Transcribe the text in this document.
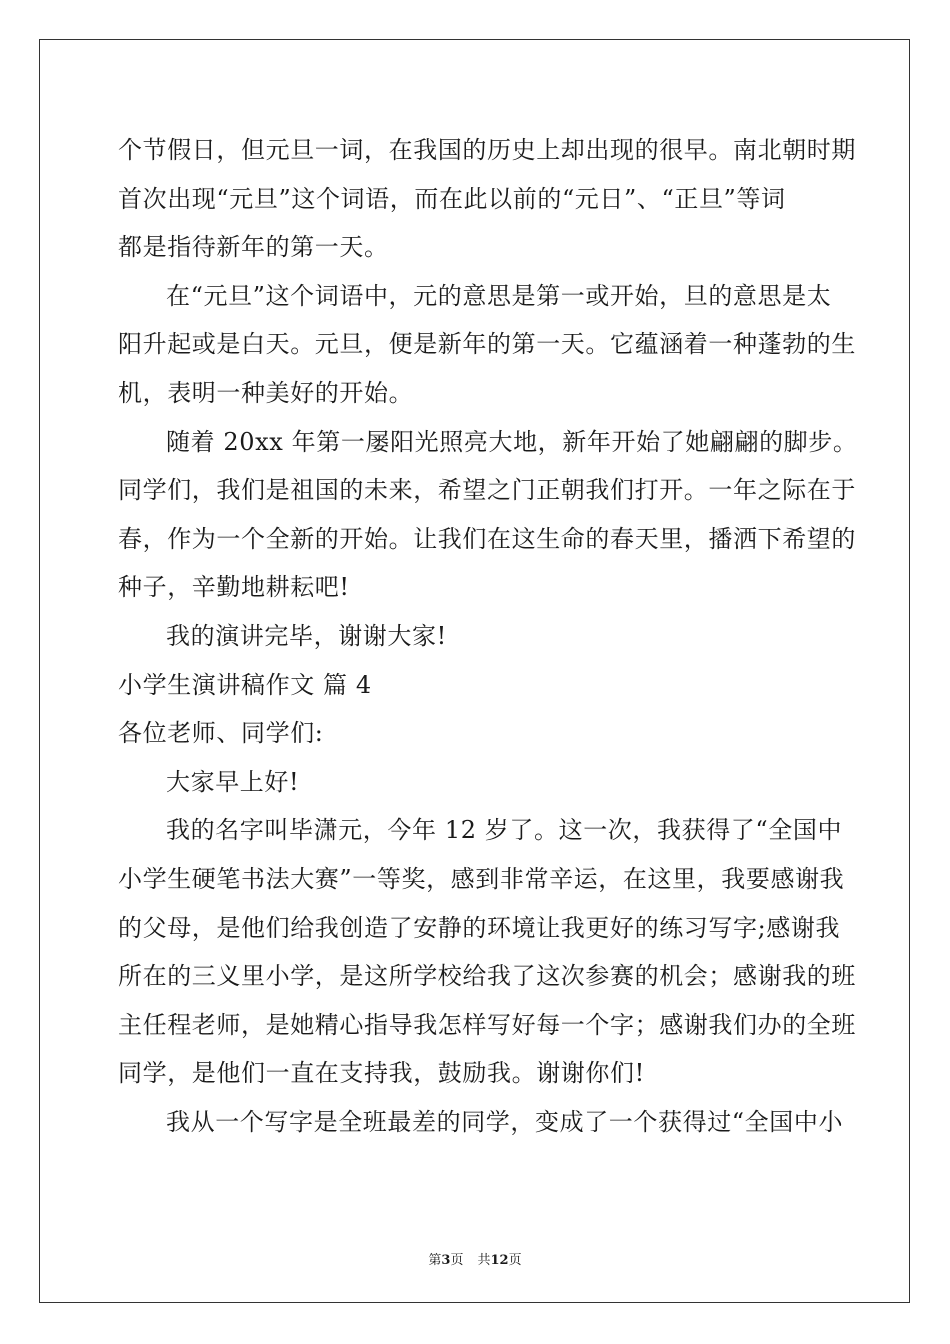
个节假日，但元旦一词，在我国的历史上却出现的很早。南北朝时期
首次出现“元旦”这个词语，而在此以前的“元日”、“正旦”等词
都是指待新年的第一天。
在“元旦”这个词语中，元的意思是第一或开始，旦的意思是太
阳升起或是白天。元旦，便是新年的第一天。它蕴涵着一种蓬勃的生
机，表明一种美好的开始。
随着 20xx 年第一屡阳光照亮大地，新年开始了她翩翩的脚步。
同学们，我们是祖国的未来，希望之门正朝我们打开。一年之际在于
春，作为一个全新的开始。让我们在这生命的春天里，播洒下希望的
种子，辛勤地耕耘吧!
我的演讲完毕，谢谢大家!
小学生演讲稿作文 篇 4
各位老师、同学们:
大家早上好!
我的名字叫毕潇元，今年 12 岁了。这一次，我获得了“全国中
小学生硬笔书法大赛”一等奖，感到非常辛运，在这里，我要感谢我
的父母，是他们给我创造了安静的环境让我更好的练习写字;感谢我
所在的三义里小学，是这所学校给我了这次参赛的机会；感谢我的班
主任程老师，是她精心指导我怎样写好每一个字；感谢我们办的全班
同学，是他们一直在支持我，鼓励我。谢谢你们!
我从一个写字是全班最差的同学，变成了一个获得过“全国中小
第3页 共12页
